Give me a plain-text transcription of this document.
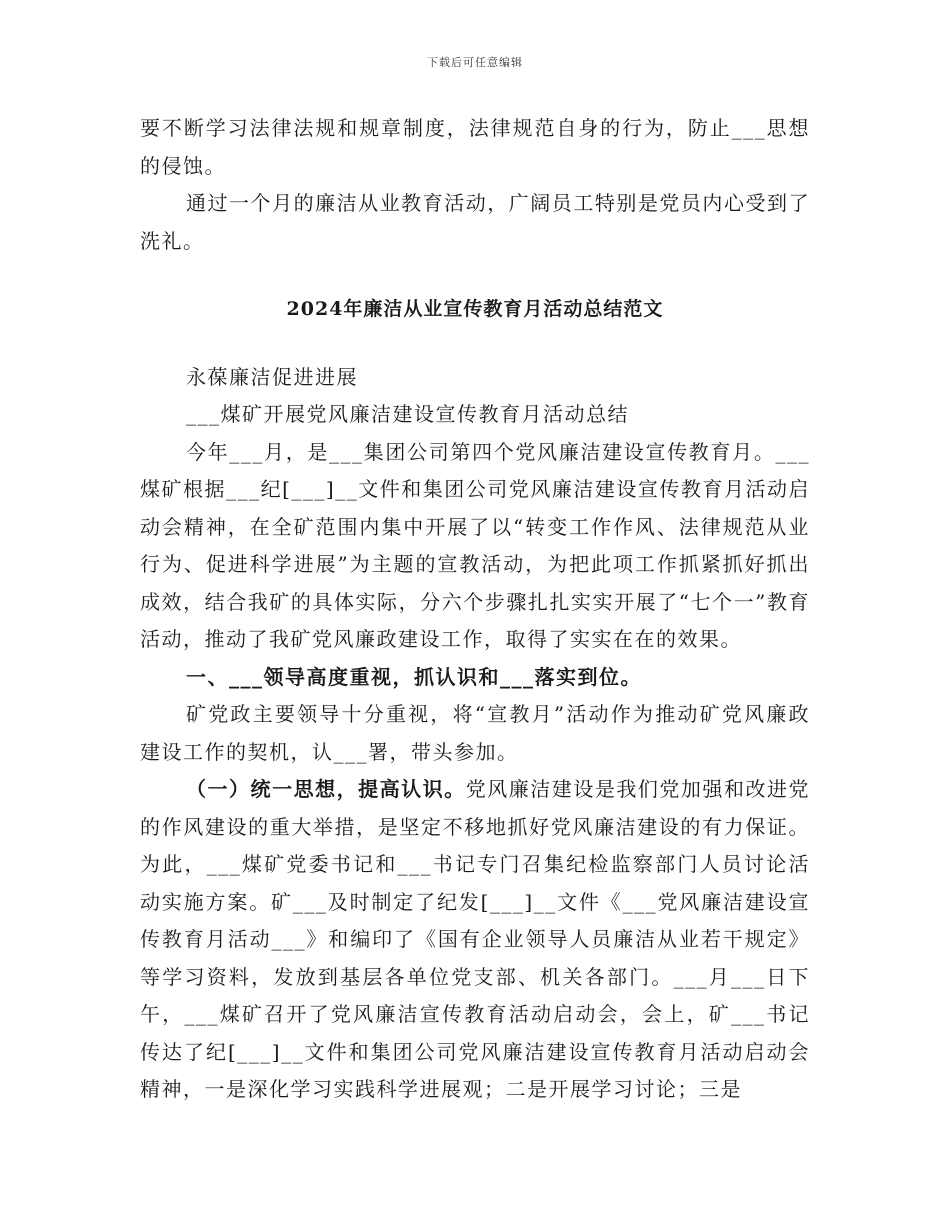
下载后可任意编辑

要不断学习法律法规和规章制度，法律规范自身的行为，防止___思想的侵蚀。

通过一个月的廉洁从业教育活动，广阔员工特别是党员内心受到了洗礼。

2024年廉洁从业宣传教育月活动总结范文

永葆廉洁促进进展

___煤矿开展党风廉洁建设宣传教育月活动总结

今年___月，是___集团公司第四个党风廉洁建设宣传教育月。___煤矿根据___纪[___]__文件和集团公司党风廉洁建设宣传教育月活动启动会精神，在全矿范围内集中开展了以“转变工作作风、法律规范从业行为、促进科学进展”为主题的宣教活动，为把此项工作抓紧抓好抓出成效，结合我矿的具体实际，分六个步骤扎扎实实开展了“七个一”教育活动，推动了我矿党风廉政建设工作，取得了实实在在的效果。

一、___领导高度重视，抓认识和___落实到位。

矿党政主要领导十分重视，将“宣教月”活动作为推动矿党风廉政建设工作的契机，认___署，带头参加。

（一）统一思想，提高认识。党风廉洁建设是我们党加强和改进党的作风建设的重大举措，是坚定不移地抓好党风廉洁建设的有力保证。为此，___煤矿党委书记和___书记专门召集纪检监察部门人员讨论活动实施方案。矿___及时制定了纪发[___]__文件《___党风廉洁建设宣传教育月活动___》和编印了《国有企业领导人员廉洁从业若干规定》等学习资料，发放到基层各单位党支部、机关各部门。___月___日下午，___煤矿召开了党风廉洁宣传教育活动启动会，会上，矿___书记传达了纪[___]__文件和集团公司党风廉洁建设宣传教育月活动启动会精神，一是深化学习实践科学进展观；二是开展学习讨论；三是
